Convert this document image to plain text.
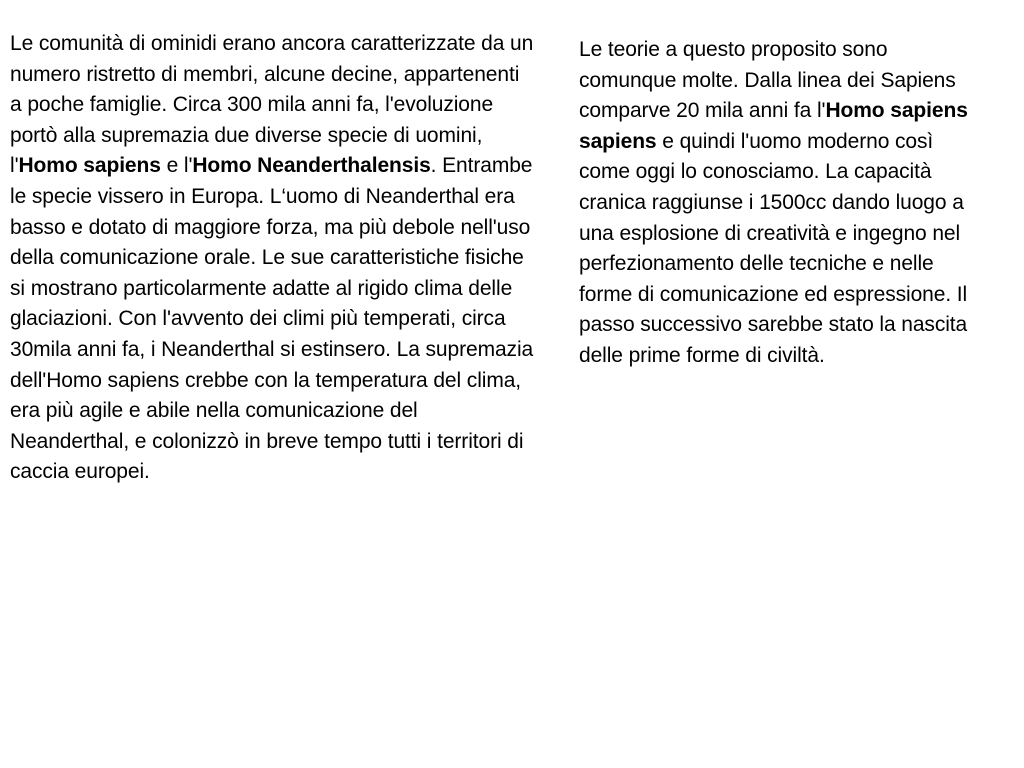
Le comunità di ominidi erano ancora caratterizzate da un numero ristretto di membri, alcune decine, appartenenti a poche famiglie. Circa 300 mila anni fa, l'evoluzione portò alla supremazia due diverse specie di uomini, l'Homo sapiens e l'Homo Neanderthalensis. Entrambe le specie vissero in Europa. L‘uomo di Neanderthal era basso e dotato di maggiore forza, ma più debole nell'uso della comunicazione orale. Le sue caratteristiche fisiche si mostrano particolarmente adatte al rigido clima delle glaciazioni. Con l'avvento dei climi più temperati, circa 30mila anni fa, i Neanderthal si estinsero. La supremazia dell'Homo sapiens crebbe con la temperatura del clima, era più agile e abile nella comunicazione del Neanderthal, e colonizzò in breve tempo tutti i territori di caccia europei.

Le teorie a questo proposito sono comunque molte. Dalla linea dei Sapiens comparve 20 mila anni fa l'Homo sapiens sapiens e quindi l'uomo moderno così come oggi lo conosciamo. La capacità cranica raggiunse i 1500cc dando luogo a una esplosione di creatività e ingegno nel perfezionamento delle tecniche e nelle forme di comunicazione ed espressione. Il passo successivo sarebbe stato la nascita delle prime forme di civiltà.
